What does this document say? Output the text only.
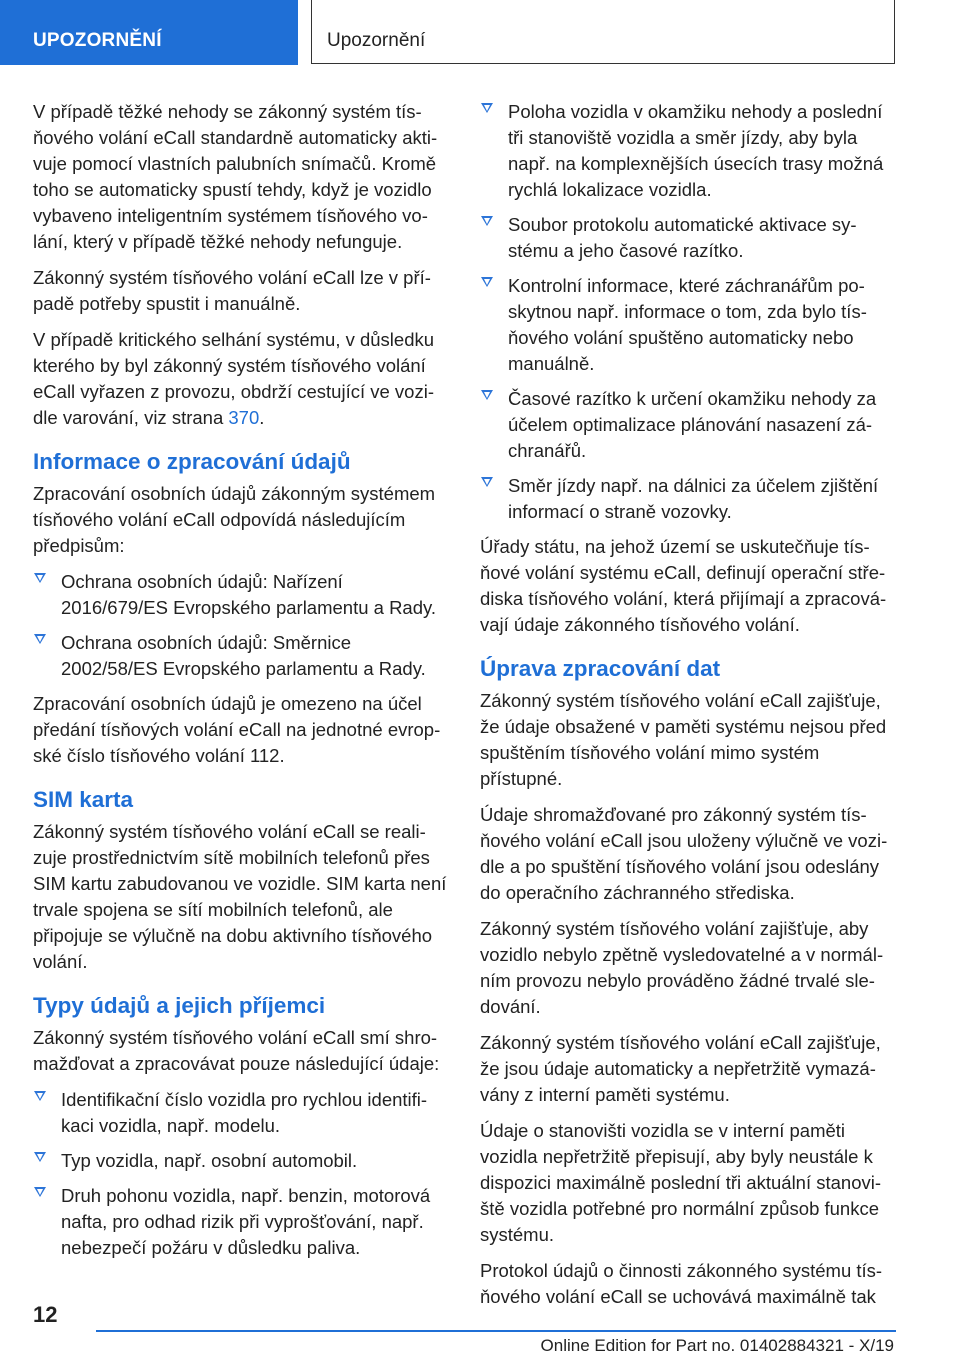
UPOZORNĚNÍ	Upozornění

V případě těžké nehody se zákonný systém tís-ňového volání eCall standardně automaticky akti-vuje pomocí vlastních palubních snímačů. Kromě toho se automaticky spustí tehdy, když je vozidlo vybaveno inteligentním systémem tísňového vo-lání, který v případě těžké nehody nefunguje.

Zákonný systém tísňového volání eCall lze v pří-padě potřeby spustit i manuálně.

V případě kritického selhání systému, v důsledku kterého by byl zákonný systém tísňového volání eCall vyřazen z provozu, obdrží cestující ve vozi-dle varování, viz strana 370.

Informace o zpracování údajů

Zpracování osobních údajů zákonným systémem tísňového volání eCall odpovídá následujícím předpisům:

Ochrana osobních údajů: Nařízení 2016/679/ES Evropského parlamentu a Rady.
Ochrana osobních údajů: Směrnice 2002/58/ES Evropského parlamentu a Rady.

Zpracování osobních údajů je omezeno na účel předání tísňových volání eCall na jednotné evrop-ské číslo tísňového volání 112.

SIM karta

Zákonný systém tísňového volání eCall se reali-zuje prostřednictvím sítě mobilních telefonů přes SIM kartu zabudovanou ve vozidle. SIM karta není trvale spojena se sítí mobilních telefonů, ale připojuje se výlučně na dobu aktivního tísňového volání.

Typy údajů a jejich příjemci

Zákonný systém tísňového volání eCall smí shro-mažďovat a zpracovávat pouze následující údaje:

Identifikační číslo vozidla pro rychlou identifi-kaci vozidla, např. modelu.
Typ vozidla, např. osobní automobil.
Druh pohonu vozidla, např. benzin, motorová nafta, pro odhad rizik při vyprošťování, např. nebezpečí požáru v důsledku paliva.
Poloha vozidla v okamžiku nehody a poslední tři stanoviště vozidla a směr jízdy, aby byla např. na komplexnějších úsecích trasy možná rychlá lokalizace vozidla.
Soubor protokolu automatické aktivace sy-stému a jeho časové razítko.
Kontrolní informace, které záchranářům po-skytnou např. informace o tom, zda bylo tís-ňového volání spuštěno automaticky nebo manuálně.
Časové razítko k určení okamžiku nehody za účelem optimalizace plánování nasazení zá-chranářů.
Směr jízdy např. na dálnici za účelem zjištění informací o straně vozovky.

Úřady státu, na jehož území se uskutečňuje tís-ňové volání systému eCall, definují operační stře-diska tísňového volání, která přijímají a zpracová-vají údaje zákonného tísňového volání.

Úprava zpracování dat

Zákonný systém tísňového volání eCall zajišťuje, že údaje obsažené v paměti systému nejsou před spuštěním tísňového volání mimo systém přístupné.

Údaje shromažďované pro zákonný systém tís-ňového volání eCall jsou uloženy výlučně ve vozi-dle a po spuštění tísňového volání jsou odeslány do operačního záchranného střediska.

Zákonný systém tísňového volání zajišťuje, aby vozidlo nebylo zpětně vysledovatelné a v normál-ním provozu nebylo prováděno žádné trvalé sle-dování.

Zákonný systém tísňového volání eCall zajišťuje, že jsou údaje automaticky a nepřetržitě vymazá-vány z interní paměti systému.

Údaje o stanovišti vozidla se v interní paměti vozidla nepřetržitě přepisují, aby byly neustále k dispozici maximálně poslední tři aktuální stanovi-ště vozidla potřebné pro normální způsob funkce systému.

Protokol údajů o činnosti zákonného systému tís-ňového volání eCall se uchovává maximálně tak

12
Online Edition for Part no. 01402884321 - X/19
